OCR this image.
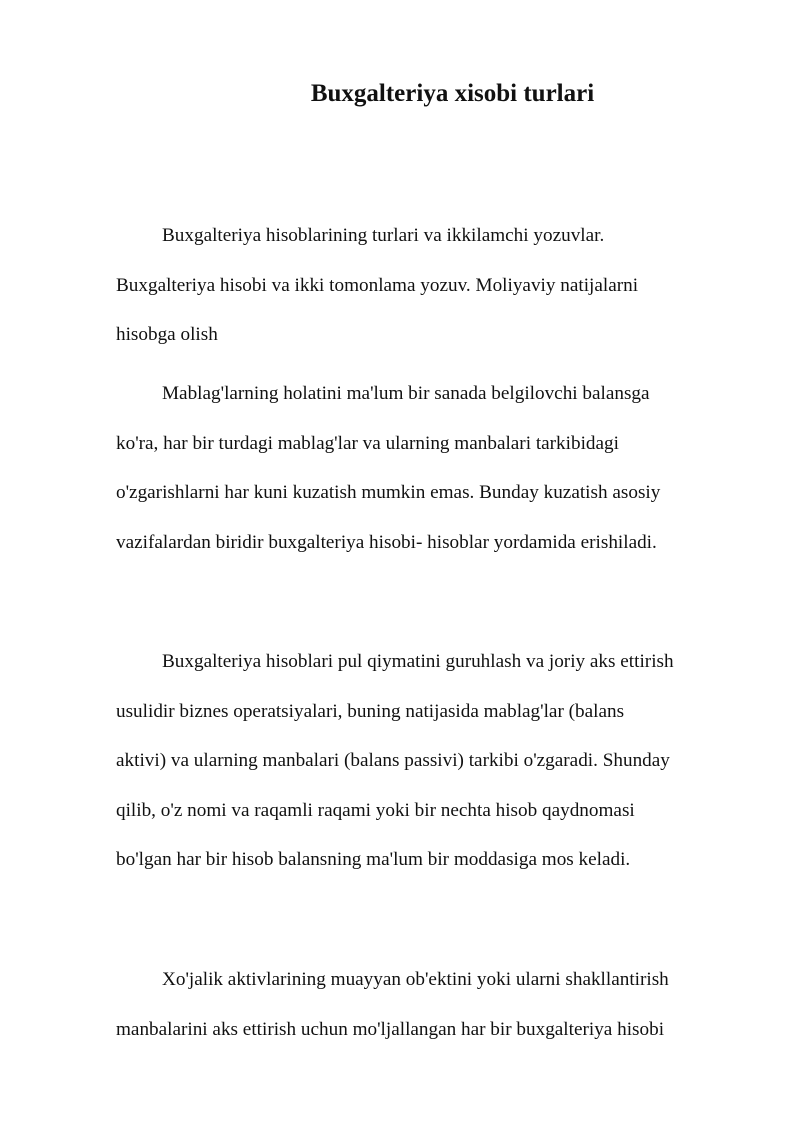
Buxgalteriya xisobi turlari

Buxgalteriya hisoblarining turlari va ikkilamchi yozuvlar.
Buxgalteriya hisobi va ikki tomonlama yozuv. Moliyaviy natijalarni
hisobga olish

Mablag'larning holatini ma'lum bir sanada belgilovchi balansga
ko'ra, har bir turdagi mablag'lar va ularning manbalari tarkibidagi
o'zgarishlarni har kuni kuzatish mumkin emas. Bunday kuzatish asosiy
vazifalardan biridir buxgalteriya hisobi- hisoblar yordamida erishiladi.

Buxgalteriya hisoblari pul qiymatini guruhlash va joriy aks ettirish
usulidir biznes operatsiyalari, buning natijasida mablag'lar (balans
aktivi) va ularning manbalari (balans passivi) tarkibi o'zgaradi. Shunday
qilib, o'z nomi va raqamli raqami yoki bir nechta hisob qaydnomasi
bo'lgan har bir hisob balansning ma'lum bir moddasiga mos keladi.

Xo'jalik aktivlarining muayyan ob'ektini yoki ularni shakllantirish
manbalarini aks ettirish uchun mo'ljallangan har bir buxgalteriya hisobi
